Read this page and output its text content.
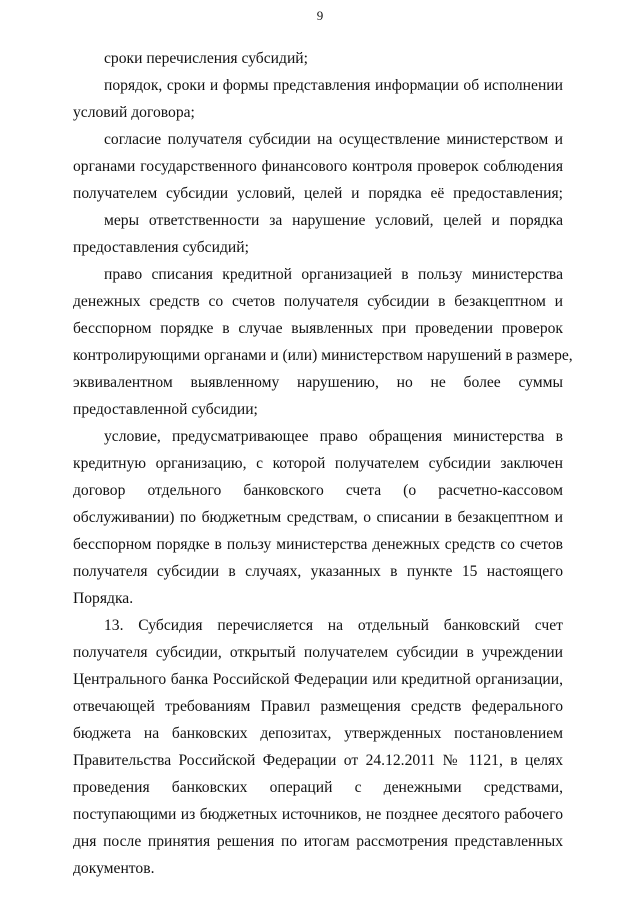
9
сроки перечисления субсидий;
порядок, сроки и формы представления информации об исполнении
условий договора;
согласие получателя субсидии на осуществление министерством и
органами государственного финансового контроля проверок соблюдения
получателем субсидии условий, целей и порядка её предоставления;
меры ответственности за нарушение условий, целей и порядка
предоставления субсидий;
право списания кредитной организацией в пользу министерства
денежных средств со счетов получателя субсидии в безакцептном и
бесспорном порядке в случае выявленных при проведении проверок
контролирующими органами и (или) министерством нарушений в размере,
эквивалентном выявленному нарушению, но не более суммы
предоставленной субсидии;
условие, предусматривающее право обращения министерства в
кредитную организацию, с которой получателем субсидии заключен
договор отдельного банковского счета (о расчетно-кассовом
обслуживании) по бюджетным средствам, о списании в безакцептном и
бесспорном порядке в пользу министерства денежных средств со счетов
получателя субсидии в случаях, указанных в пункте 15 настоящего
Порядка.
13. Субсидия перечисляется на отдельный банковский счет
получателя субсидии, открытый получателем субсидии в учреждении
Центрального банка Российской Федерации или кредитной организации,
отвечающей требованиям Правил размещения средств федерального
бюджета на банковских депозитах, утвержденных постановлением
Правительства Российской Федерации от 24.12.2011 № 1121, в целях
проведения банковских операций с денежными средствами,
поступающими из бюджетных источников, не позднее десятого рабочего
дня после принятия решения по итогам рассмотрения представленных
документов.
